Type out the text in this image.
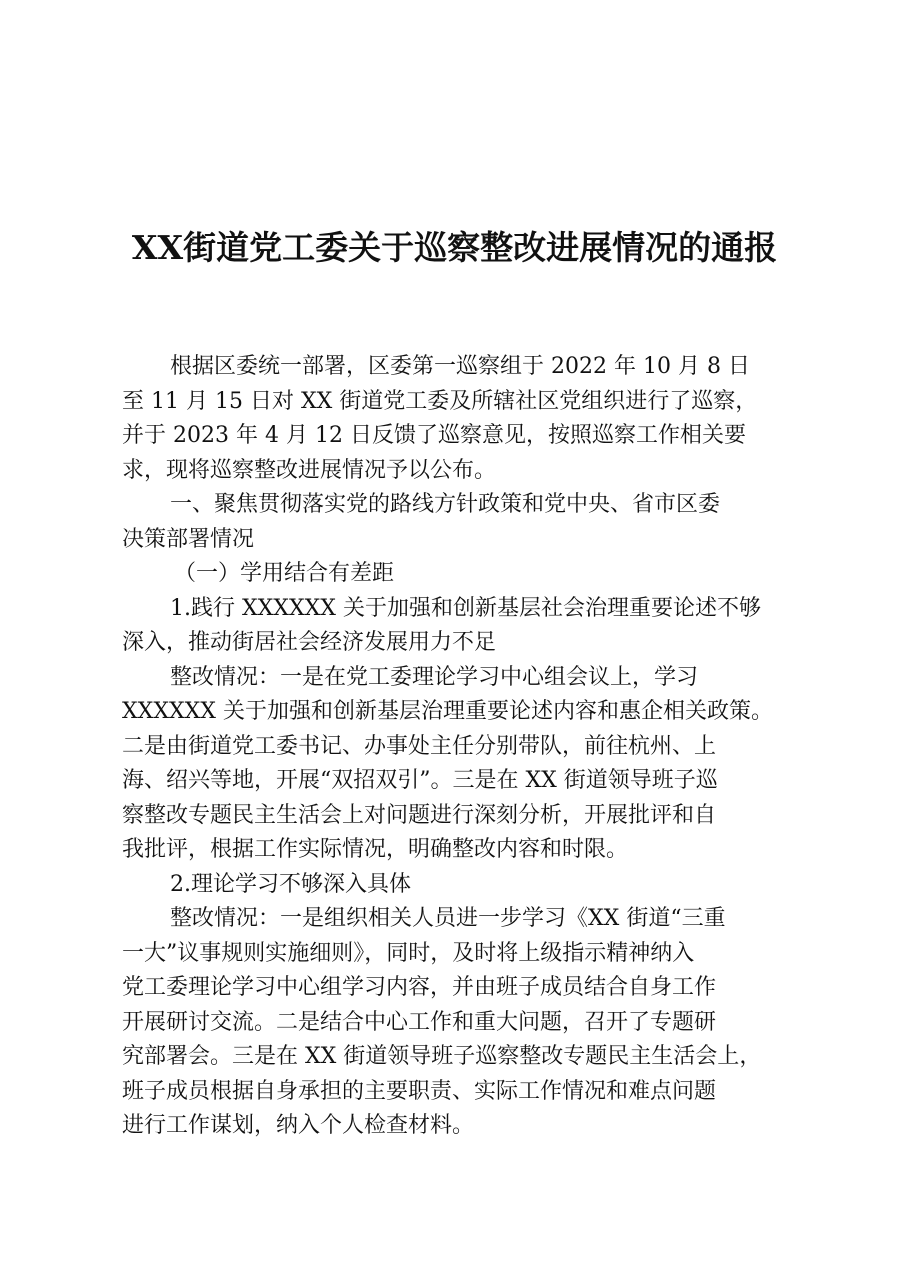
XX街道党工委关于巡察整改进展情况的通报
根据区委统一部署，区委第一巡察组于 2022 年 10 月 8 日
至 11 月 15 日对 XX 街道党工委及所辖社区党组织进行了巡察，
并于 2023 年 4 月 12 日反馈了巡察意见，按照巡察工作相关要
求，现将巡察整改进展情况予以公布。
一、聚焦贯彻落实党的路线方针政策和党中央、省市区委
决策部署情况
（一）学用结合有差距
1.践行 XXXXXX 关于加强和创新基层社会治理重要论述不够
深入，推动街居社会经济发展用力不足
整改情况：一是在党工委理论学习中心组会议上，学习
XXXXXX 关于加强和创新基层治理重要论述内容和惠企相关政策。
二是由街道党工委书记、办事处主任分别带队，前往杭州、上
海、绍兴等地，开展“双招双引”。三是在 XX 街道领导班子巡
察整改专题民主生活会上对问题进行深刻分析，开展批评和自
我批评，根据工作实际情况，明确整改内容和时限。
2.理论学习不够深入具体
整改情况：一是组织相关人员进一步学习《XX 街道“三重
一大”议事规则实施细则》，同时，及时将上级指示精神纳入
党工委理论学习中心组学习内容，并由班子成员结合自身工作
开展研讨交流。二是结合中心工作和重大问题，召开了专题研
究部署会。三是在 XX 街道领导班子巡察整改专题民主生活会上，
班子成员根据自身承担的主要职责、实际工作情况和难点问题
进行工作谋划，纳入个人检查材料。
